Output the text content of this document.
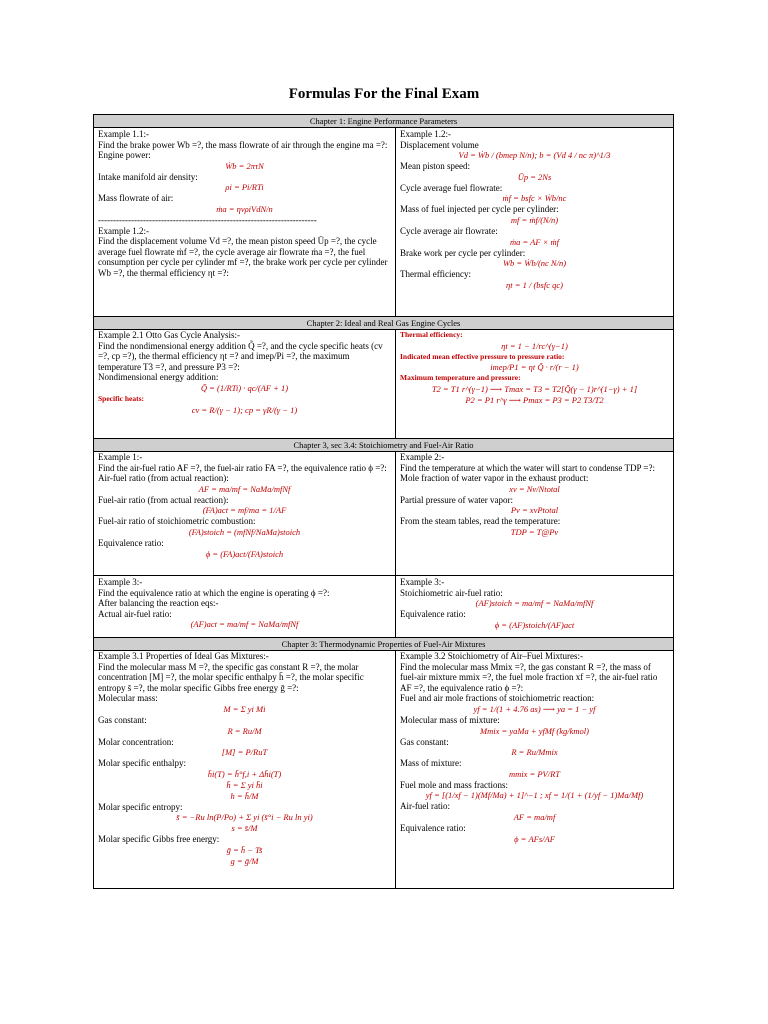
Formulas For the Final Exam
Chapter 1: Engine Performance Parameters

Example 1.1:-

Find the brake power Wb =?, the mass flowrate of air through the engine ma =?:

Engine power:

Ẇb = 2πτN

Intake manifold air density:

ρi = Pi/RTi

Mass flowrate of air:

ṁa = ηvρiVdN/n

-------------------------------------------------------------------------

Example 1.2:-

Find the displacement volume Vd =?, the mean piston speed Ūp =?, the cycle average fuel flowrate ṁf =?, the cycle average air flowrate ṁa =?, the fuel consumption per cycle per cylinder mf =?, the brake work per cycle per cylinder Wb =?, the thermal efficiency ηt =?:

Example 1.2:-

Displacement volume

Vd = Ẇb / (bmep N/n); b = (Vd 4 / nc π)^1/3

Mean piston speed:

Ūp = 2Ns

Cycle average fuel flowrate:

ṁf = bsfc × Ẇb/nc

Mass of fuel injected per cycle per cylinder:

mf = ṁf/(N/n)

Cycle average air flowrate:

ṁa = AF × ṁf

Brake work per cycle per cylinder:

Wb = Ẇb/(nc N/n)

Thermal efficiency:

ηt = 1 / (bsfc qc)

Chapter 2: Ideal and Real Gas Engine Cycles

Example 2.1 Otto Gas Cycle Analysis:-

Find the nondimensional energy addition Q̃ =?, and the cycle specific heats (cv =?, cp =?), the thermal efficiency ηt =? and imep/Pi =?, the maximum temperature T3 =?, and pressure P3 =?:

Nondimensional energy addition:

Q̃ = (1/RTi) · qc/(AF + 1)

Specific heats:

cv = R/(γ − 1); cp = γR/(γ − 1)

Thermal efficiency:

ηt = 1 − 1/rc^(γ−1)

Indicated mean effective pressure to pressure ratio:

imep/P1 = ηt Q̃ · r/(r − 1)

Maximum temperature and pressure:

T2 = T1 r^(γ−1) ⟶ Tmax = T3 = T2[Q̃(γ − 1)r^(1−γ) + 1]

P2 = P1 r^γ ⟶ Pmax = P3 = P2 T3/T2

Chapter 3, sec 3.4: Stoichiometry and Fuel-Air Ratio

Example 1:-

Find the air-fuel ratio AF =?, the fuel-air ratio FA =?, the equivalence ratio ϕ =?:

Air-fuel ratio (from actual reaction):

AF = ma/mf = NaMa/mfNf

Fuel-air ratio (from actual reaction):

(FA)act = mf/ma = 1/AF

Fuel-air ratio of stoichiometric combustion:

(FA)stoich = (mfNf/NaMa)stoich

Equivalence ratio:

ϕ = (FA)act/(FA)stoich

Example 2:-

Find the temperature at which the water will start to condense TDP =?:

Mole fraction of water vapor in the exhaust product:

xv = Nv/Ntotal

Partial pressure of water vapor:

Pv = xvPtotal

From the steam tables, read the temperature:

TDP = T@Pv

Example 3:-

Find the equivalence ratio at which the engine is operating ϕ =?:

After balancing the reaction eqs:-

Actual air-fuel ratio:

(AF)act = ma/mf = NaMa/mfNf

Example 3:-

Stoichiometric air-fuel ratio:

(AF)stoich = ma/mf = NaMa/mfNf

Equivalence ratio:

ϕ = (AF)stoich/(AF)act

Chapter 3: Thermodynamic Properties of Fuel-Air Mixtures

Example 3.1 Properties of Ideal Gas Mixtures:-

Find the molecular mass M =?, the specific gas constant R =?, the molar concentration [M] =?, the molar specific enthalpy h̄ =?, the molar specific entropy s̄ =?, the molar specific Gibbs free energy ḡ =?:

Molecular mass:

M = Σ yi Mi

Gas constant:

R = Ru/M

Molar concentration:

[M] = P/RuT

Molar specific enthalpy:

h̄i(T) = h̄°f,i + Δh̄i(T)

h̄ = Σ yi h̄i

h = h̄/M

Molar specific entropy:

s̄ = −Ru ln(P/Po) + Σ yi (s̄°i − Ru ln yi)

s = s̄/M

Molar specific Gibbs free energy:

ḡ = h̄ − Ts̄

g = ḡ/M

Example 3.2 Stoichiometry of Air–Fuel Mixtures:-

Find the molecular mass Mmix =?, the gas constant R =?, the mass of fuel-air mixture mmix =?, the fuel mole fraction xf =?, the air-fuel ratio AF =?, the equivalence ratio ϕ =?:

Fuel and air mole fractions of stoichiometric reaction:

yf = 1/(1 + 4.76 as) ⟶ ya = 1 − yf

Molecular mass of mixture:

Mmix = yaMa + yfMf (kg/kmol)

Gas constant:

R = Ru/Mmix

Mass of mixture:

mmix = PV/RT

Fuel mole and mass fractions:

yf = [(1/xf − 1)(Mf/Ma) + 1]^−1 ; xf = 1/(1 + (1/yf − 1)Ma/Mf)

Air-fuel ratio:

AF = ma/mf

Equivalence ratio:

ϕ = AFs/AF
